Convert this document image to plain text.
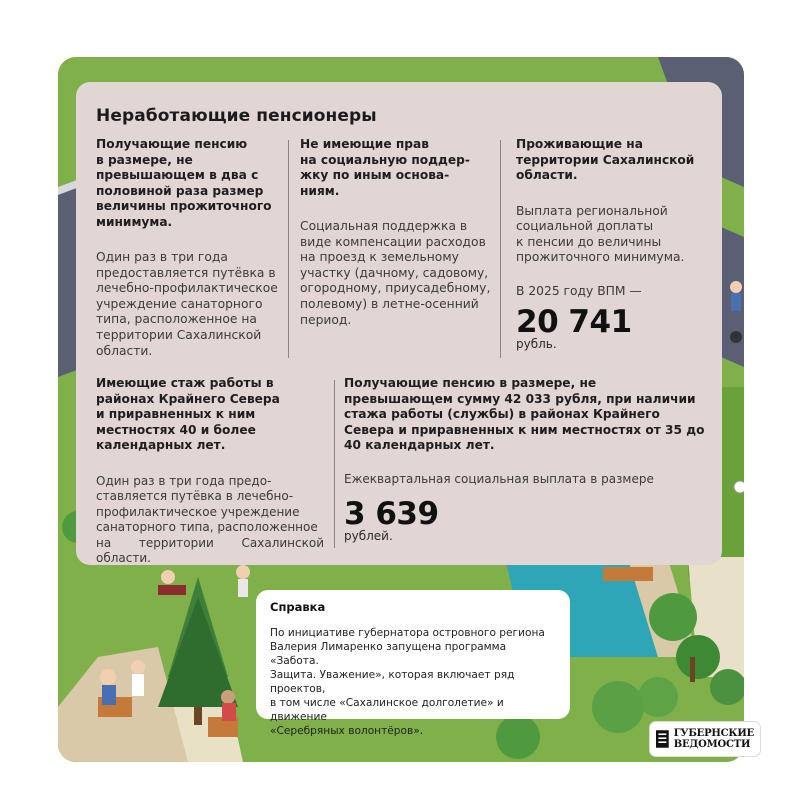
Неработающие пенсионеры

Получающие пенсию
в размере, не
превышающем в два с
половиной раза размер
величины прожиточного
минимума.

Один раз в три года
предоставляется путёвка в
лечебно-профилактическое
учреждение санаторного
типа, расположенное на
территории Сахалинской
области.

Не имеющие прав
на социальную поддер-
жку по иным основа-
ниям.

Социальная поддержка в
виде компенсации расходов
на проезд к земельному
участку (дачному, садовому,
огородному, приусадебному,
полевому) в летне-осенний
период.

Проживающие на
территории Сахалинской
области.

Выплата региональной
социальной доплаты
к пенсии до величины
прожиточного минимума.

В 2025 году ВПМ —

20 741
рубль.

Имеющие стаж работы в
районах Крайнего Севера
и приравненных к ним
местностях 40 и более
календарных лет.

Один раз в три года предо-
ставляется путёвка в лечебно-
профилактическое учреждение
санаторного типа, расположенное
на территории Сахалинской области.

Получающие пенсию в размере, не
превышающем сумму 42 033 рубля, при наличии
стажа работы (службы) в районах Крайнего
Севера и приравненных к ним местностях от 35 до
40 календарных лет.

Ежеквартальная социальная выплата в размере

3 639
рублей.

Справка

По инициативе губернатора островного региона
Валерия Лимаренко запущена программа «Забота.
Защита. Уважение», которая включает ряд проектов,
в том числе «Сахалинское долголетие» и движение
«Серебряных волонтёров».	ГУБЕРНСКИЕ
ВЕДОМОСТИ
